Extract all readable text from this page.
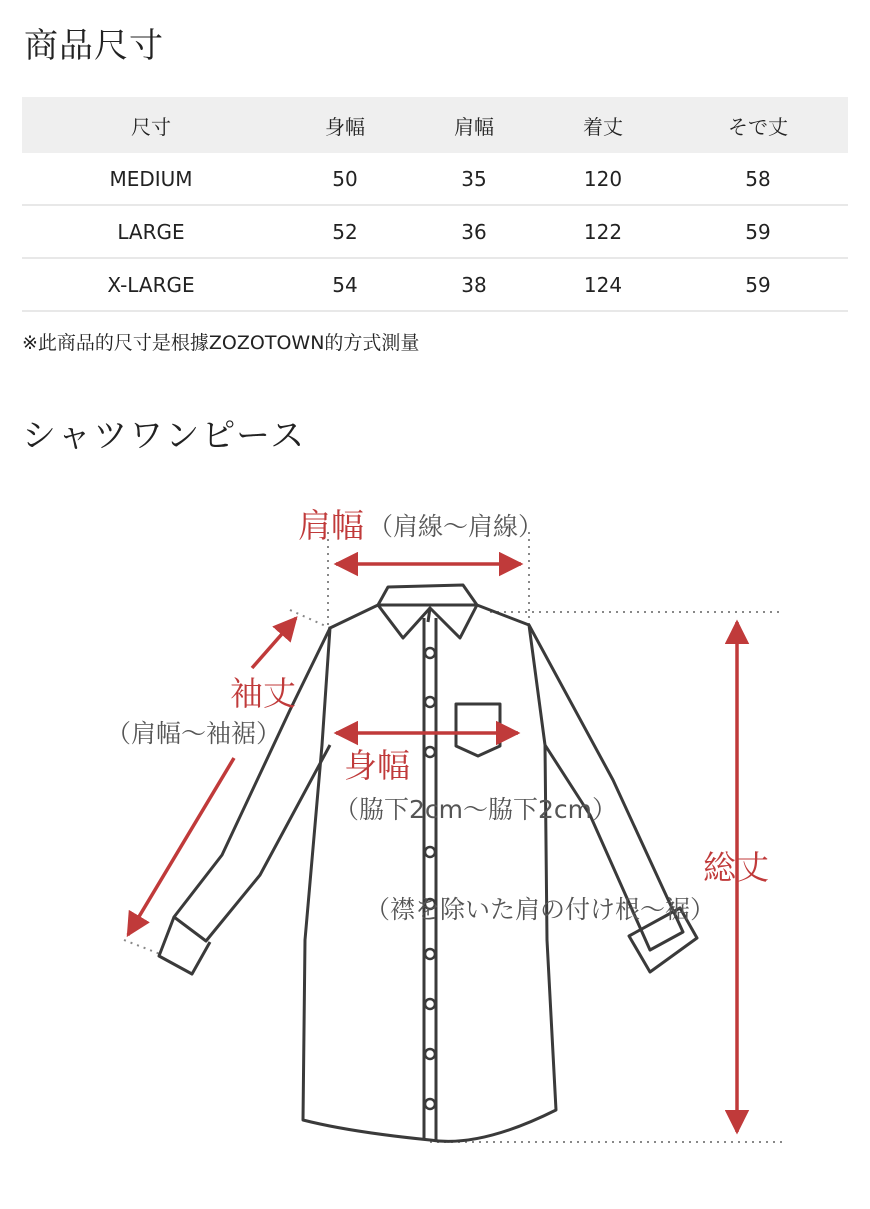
商品尺寸
尺寸	身幅	肩幅	着丈	そで丈
MEDIUM	50	35	120	58
LARGE	52	36	122	59
X-LARGE	54	38	124	59
※此商品的尺寸是根據ZOZOTOWN的方式測量
シャツワンピース
肩幅 （肩線～肩線）
袖丈
（肩幅～袖裾）
身幅
（脇下2cm～脇下2cm）
総丈
（襟を除いた肩の付け根～裾）
